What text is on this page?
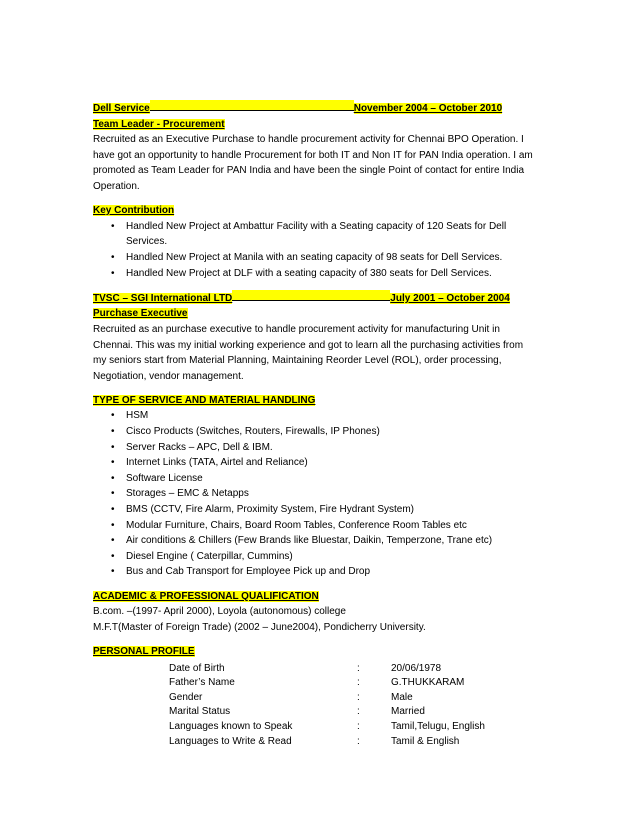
Dell Service	November 2004 – October 2010
Team Leader - Procurement

Recruited as an Executive Purchase to handle procurement activity for Chennai BPO Operation. I have got an opportunity to handle Procurement for both IT and Non IT for PAN India operation. I am promoted as Team Leader for PAN India and have been the single Point of contact for entire India Operation.

Key Contribution
• Handled New Project at Ambattur Facility with a Seating capacity of 120 Seats for Dell Services.
• Handled New Project at Manila with an seating capacity of 98 seats for Dell Services.
• Handled New Project at DLF with a seating capacity of 380 seats for Dell Services.
TVSC – SGI International LTD	July 2001 – October 2004
Purchase Executive

Recruited as an purchase executive to handle procurement activity for manufacturing Unit in Chennai. This was my initial working experience and got to learn all the purchasing activities from my seniors start from Material Planning, Maintaining Reorder Level (ROL), order processing, Negotiation, vendor management.

TYPE OF SERVICE AND MATERIAL HANDLING
• HSM
• Cisco Products (Switches, Routers, Firewalls, IP Phones)
• Server Racks – APC, Dell & IBM.
• Internet Links (TATA, Airtel and Reliance)
• Software License
• Storages – EMC & Netapps
• BMS (CCTV, Fire Alarm, Proximity System, Fire Hydrant System)
• Modular Furniture, Chairs, Board Room Tables, Conference Room Tables etc
• Air conditions & Chillers (Few Brands like Bluestar, Daikin, Temperzone, Trane etc)
• Diesel Engine ( Caterpillar, Cummins)
• Bus and Cab Transport for Employee Pick up and Drop
ACADEMIC & PROFESSIONAL QUALIFICATION
B.com. –(1997- April 2000), Loyola (autonomous) college
M.F.T(Master of Foreign Trade) (2002 – June2004), Pondicherry University.
PERSONAL PROFILE
Date of Birth	:	20/06/1978
Father’s Name	:	G.THUKKARAM
Gender	:	Male
Marital Status	:	Married
Languages known to Speak	:	Tamil,Telugu, English
Languages to Write & Read	:	Tamil & English
